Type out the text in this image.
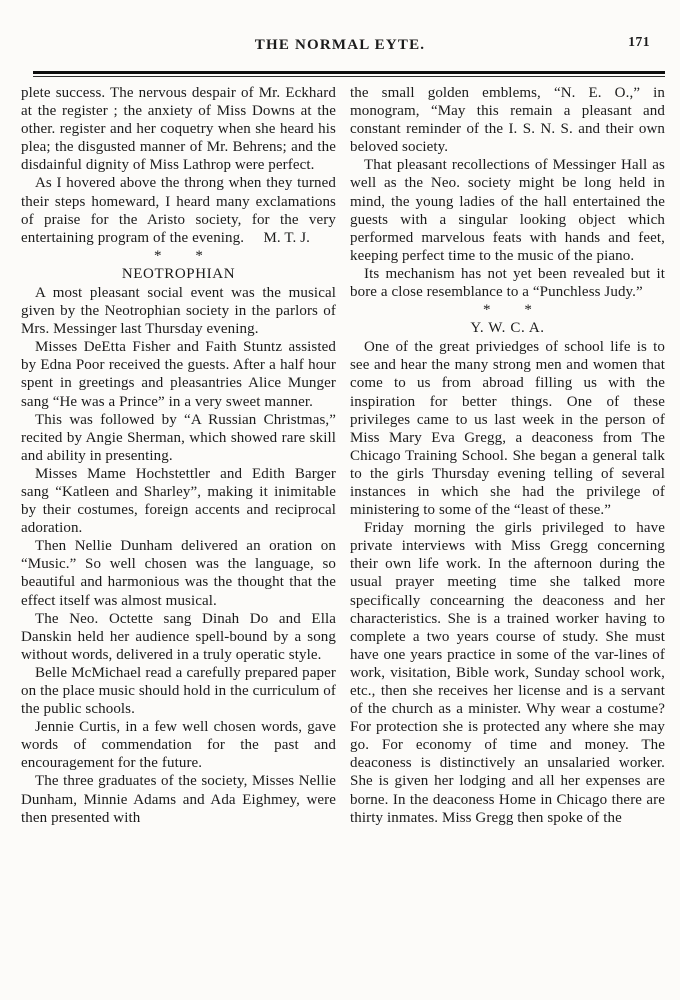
THE NORMAL EYTE.	171
plete success. The nervous despair of Mr. Eckhard at the register ; the anxiety of Miss Downs at the other. register and her coquetry when she heard his plea; the disgusted manner of Mr. Behrens; and the disdainful dignity of Miss Lathrop were perfect.
As I hovered above the throng when they turned their steps homeward, I heard many exclamations of praise for the Aristo society, for the very entertaining program of the evening.	M. T. J.
* *
NEOTROPHIAN
A most pleasant social event was the musical given by the Neotrophian society in the parlors of Mrs. Messinger last Thursday evening.
Misses DeEtta Fisher and Faith Stuntz assisted by Edna Poor received the guests. After a half hour spent in greetings and pleasantries Alice Munger sang “He was a Prince” in a very sweet manner.
This was followed by “A Russian Christmas,” recited by Angie Sherman, which showed rare skill and ability in presenting.
Misses Mame Hochstettler and Edith Barger sang “Katleen and Sharley”, making it inimitable by their costumes, foreign accents and reciprocal adoration.
Then Nellie Dunham delivered an oration on “Music.” So well chosen was the language, so beautiful and harmonious was the thought that the effect itself was almost musical.
The Neo. Octette sang Dinah Do and Ella Danskin held her audience spell-bound by a song without words, delivered in a truly operatic style.
Belle McMichael read a carefully prepared paper on the place music should hold in the curriculum of the public schools.
Jennie Curtis, in a few well chosen words, gave words of commendation for the past and encouragement for the future.
The three graduates of the society, Misses Nellie Dunham, Minnie Adams and Ada Eighmey, were then presented with
the small golden emblems, “N. E. O.,” in monogram, “May this remain a pleasant and constant reminder of the I. S. N. S. and their own beloved society.
That pleasant recollections of Messinger Hall as well as the Neo. society might be long held in mind, the young ladies of the hall entertained the guests with a singular looking object which performed marvelous feats with hands and feet, keeping perfect time to the music of the piano.
Its mechanism has not yet been revealed but it bore a close resemblance to a “Punchless Judy.”
* *
Y. W. C. A.
One of the great priviedges of school life is to see and hear the many strong men and women that come to us from abroad filling us with the inspiration for better things. One of these privileges came to us last week in the person of Miss Mary Eva Gregg, a deaconess from The Chicago Training School. She began a general talk to the girls Thursday evening telling of several instances in which she had the privilege of ministering to some of the “least of these.”
Friday morning the girls privileged to have private interviews with Miss Gregg concerning their own life work. In the afternoon during the usual prayer meeting time she talked more specifically concearning the deaconess and her characteristics. She is a trained worker having to complete a two years course of study. She must have one years practice in some of the var-lines of work, visitation, Bible work, Sunday school work, etc., then she receives her license and is a servant of the church as a minister. Why wear a costume? For protection she is protected any where she may go. For economy of time and money. The deaconess is distinctively an unsalaried worker. She is given her lodging and all her expenses are borne. In the deaconess Home in Chicago there are thirty inmates. Miss Gregg then spoke of the
